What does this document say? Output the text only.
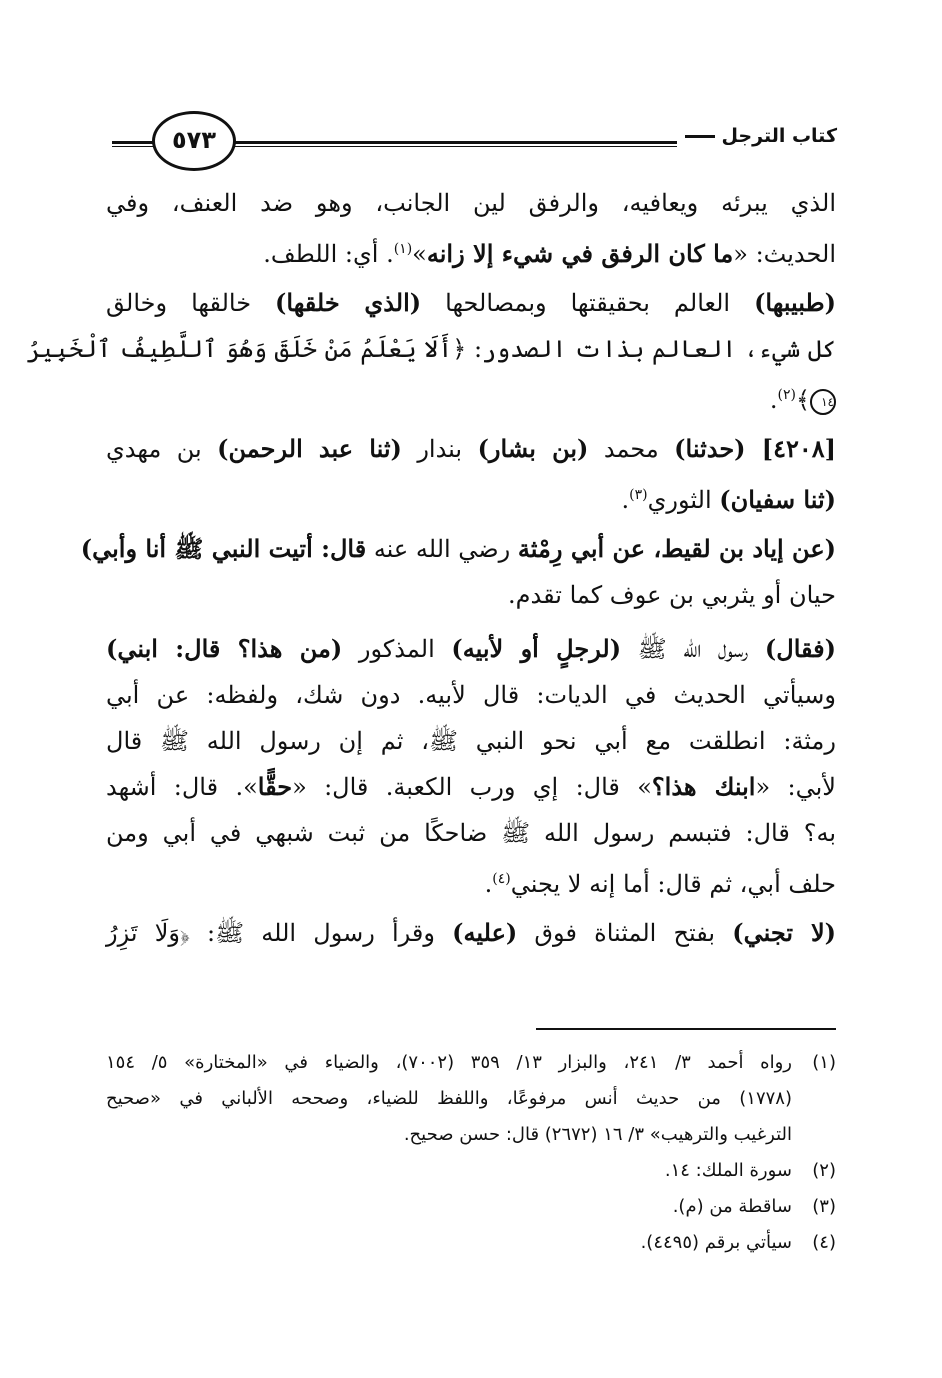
كتاب الترجل
٥٧٣
الذي يبرئه ويعافيه، والرفق لين الجانب، وهو ضد العنف، وفي
الحديث: «ما كان الرفق في شيء إلا زانه»$^{(١)}$. أي: اللطف.
(طبيبها) العالم بحقيقتها وبمصالحها (الذي خلقها) خالقها وخالق
كل شيء، العالم بذات الصدور: ﴿أَلَا يَعْلَمُ مَنْ خَلَقَ وَهُوَ ٱللَّطِيفُ ٱلْخَبِيرُ
١٤﴾$^{(٢)}$.
[٤٢٠٨] (حدثنا) محمد (بن بشار) بندار (ثنا عبد الرحمن) بن مهدي
(ثنا سفيان) الثوري$^{(٣)}$.
(عن إياد بن لقيط، عن أبي رِمْثة رضي الله عنه قال: أتيت النبي ﷺ أنا وأبي)
حيان أو يثربي بن عوف كما تقدم.
(فقال) رسول الله ﷺ (لرجلٍ أو لأبيه) المذكور (من هذا؟ قال: ابني)
وسيأتي الحديث في الديات: قال لأبيه. دون شك، ولفظه: عن أبي
رمثة: انطلقت مع أبي نحو النبي ﷺ، ثم إن رسول الله ﷺ قال
لأبي: «ابنك هذا؟» قال: إي ورب الكعبة. قال: «حقًّا». قال: أشهد
به؟ قال: فتبسم رسول الله ﷺ ضاحكًا من ثبت شبهي في أبي ومن
حلف أبي، ثم قال: أما إنه لا يجني$^{(٤)}$.
(لا تجني) بفتح المثناة فوق (عليه) وقرأ رسول الله ﷺ: ﴿وَلَا تَزِرُ
(١)
رواه أحمد ٣/ ٢٤١، والبزار ١٣/ ٣٥٩ (٧٠٠٢)، والضياء في «المختارة» ٥/ ١٥٤
(١٧٧٨) من حديث أنس مرفوعًا، واللفظ للضياء، وصححه الألباني في «صحيح
الترغيب والترهيب» ٣/ ١٦ (٢٦٧٢) قال: حسن صحيح.
(٢)
سورة الملك: ١٤.
(٣)
ساقطة من (م).
(٤)
سيأتي برقم (٤٤٩٥).
